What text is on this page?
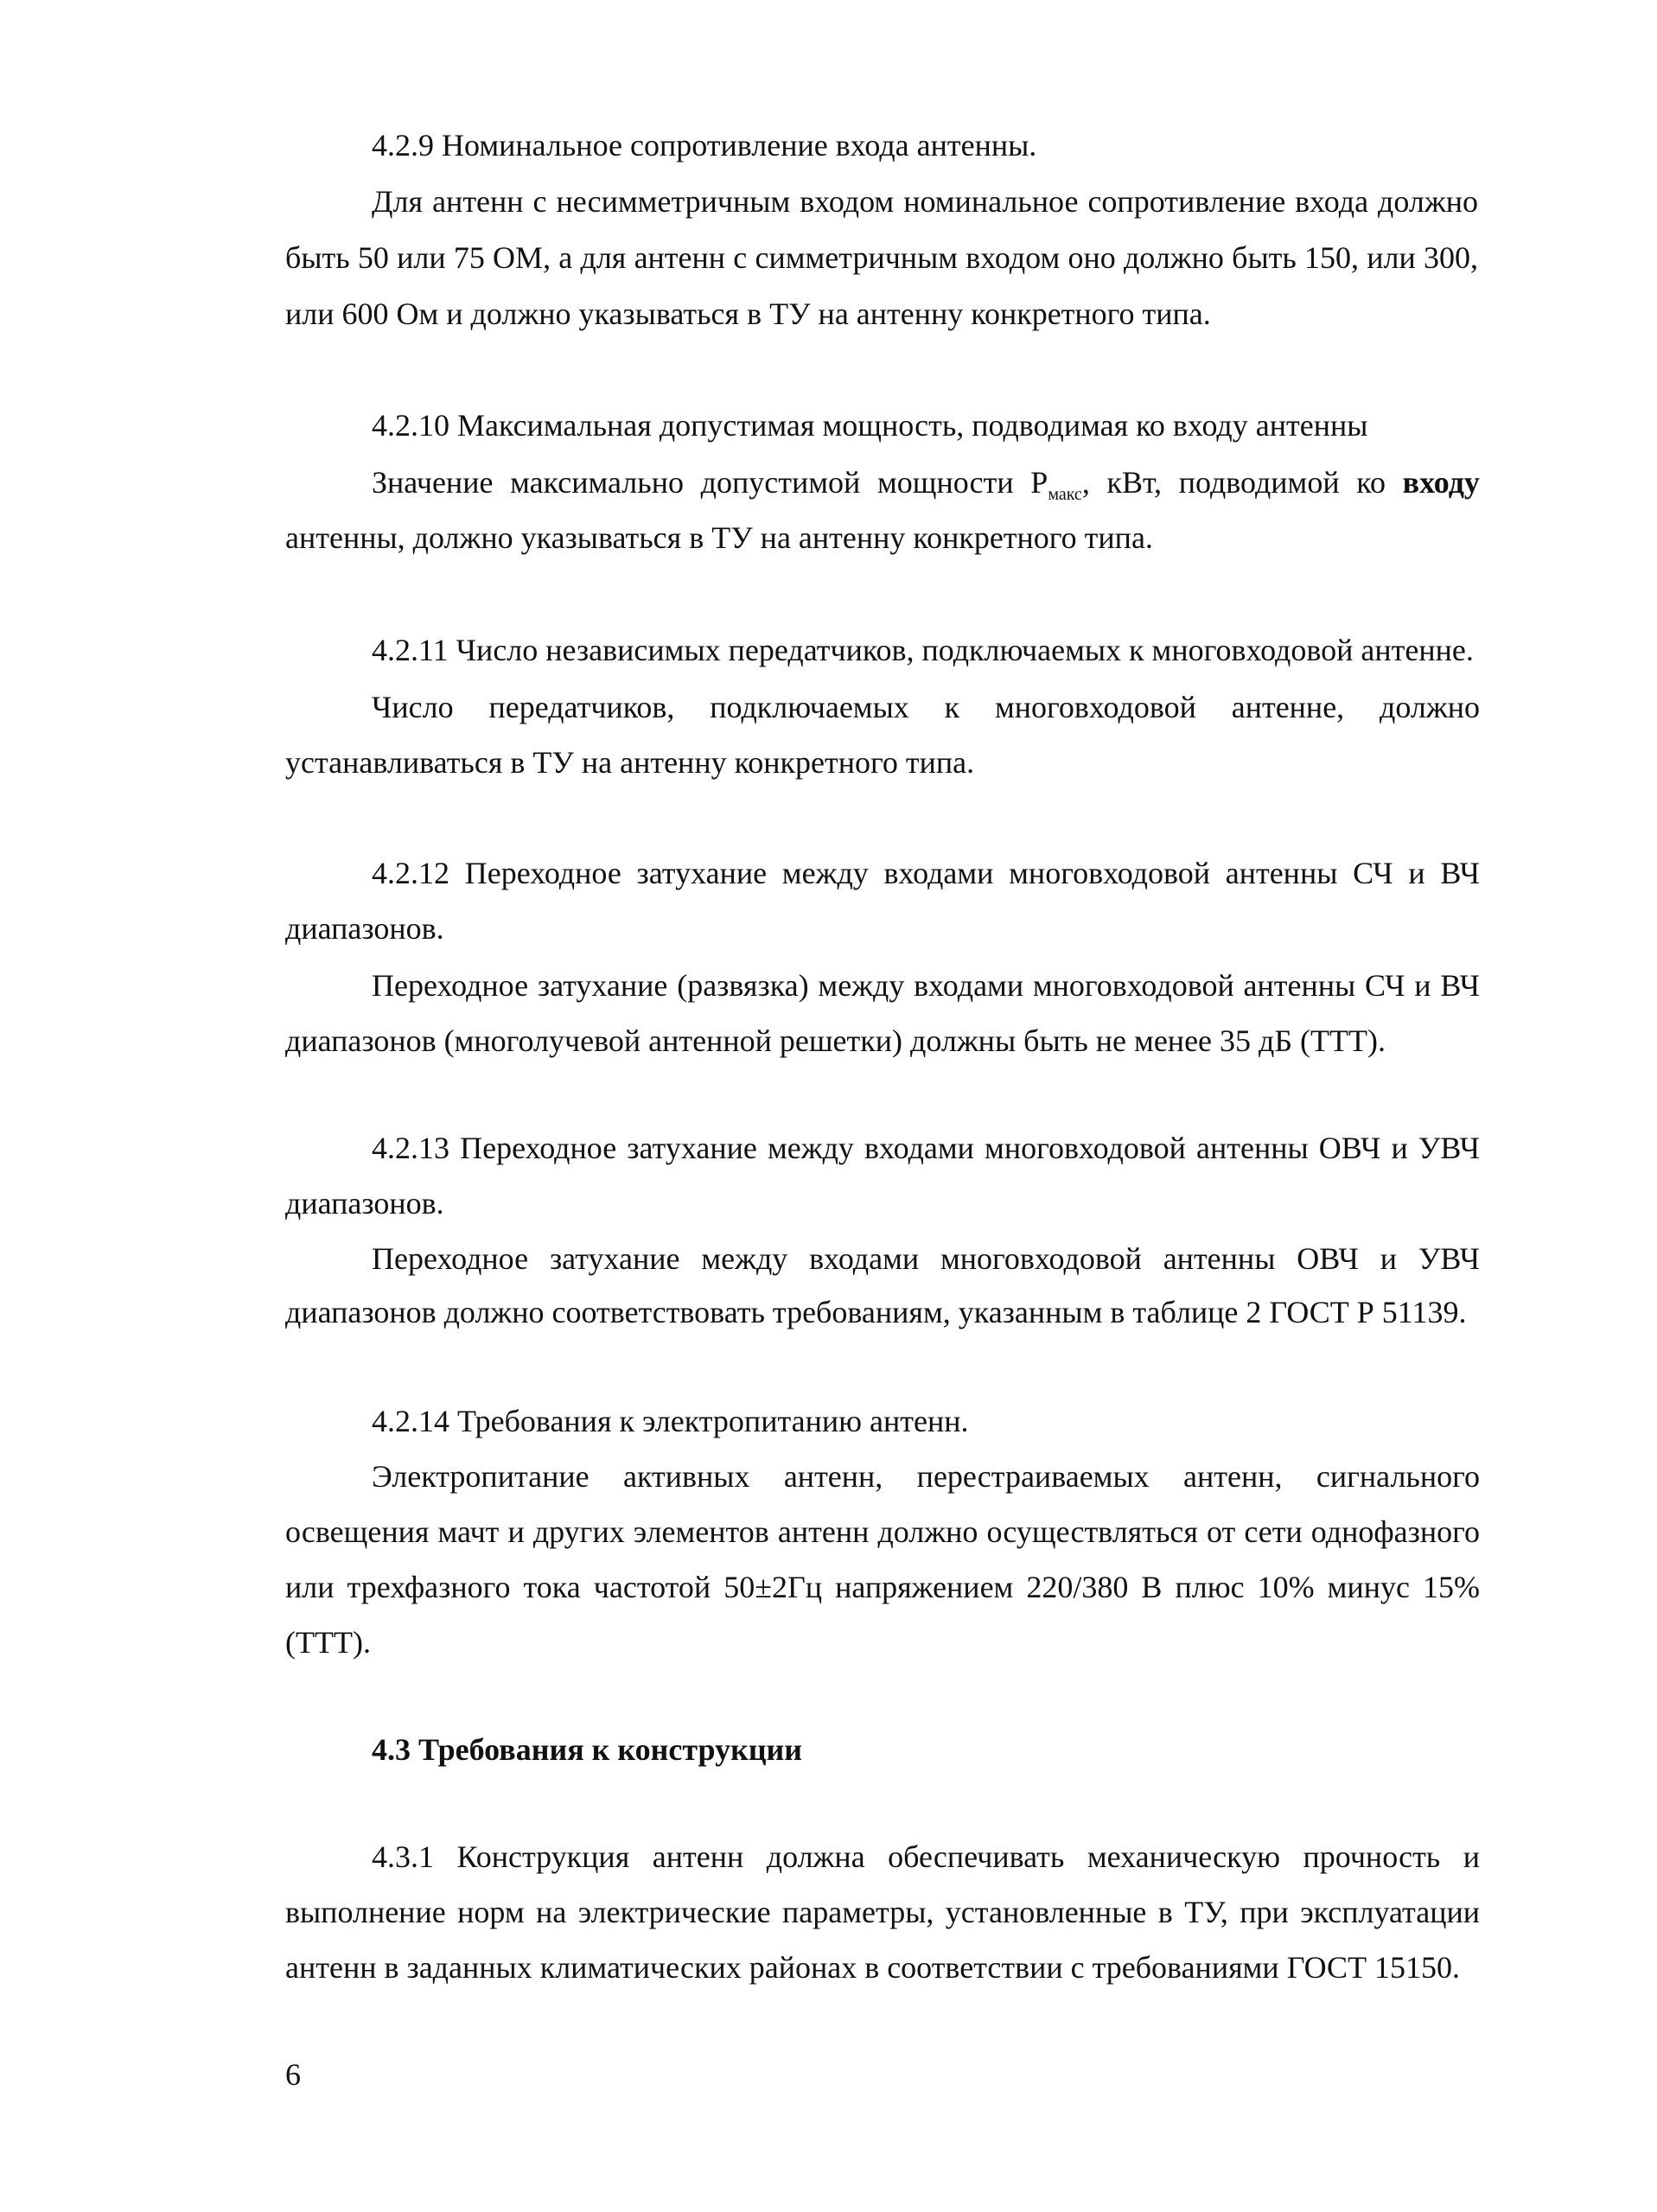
4.2.9 Номинальное сопротивление входа антенны.
Для антенн с несимметричным входом номинальное сопротивление входа должно
быть 50 или 75 ОМ, а для антенн с симметричным входом оно должно быть 150, или 300,
или 600 Ом и должно указываться в ТУ на антенну конкретного типа.
4.2.10 Максимальная допустимая мощность, подводимая ко входу антенны
Значение максимально допустимой мощности $P_{макс}$, кВт, подводимой ко входу
антенны, должно указываться в ТУ на антенну конкретного типа.
4.2.11 Число независимых передатчиков, подключаемых к многовходовой антенне.
Число передатчиков, подключаемых к многовходовой антенне, должно
устанавливаться в ТУ на антенну конкретного типа.
4.2.12 Переходное затухание между входами многовходовой антенны СЧ и ВЧ
диапазонов.
Переходное затухание (развязка) между входами многовходовой антенны СЧ и ВЧ
диапазонов (многолучевой антенной решетки) должны быть не менее 35 дБ (ТТТ).
4.2.13 Переходное затухание между входами многовходовой антенны ОВЧ и УВЧ
диапазонов.
Переходное затухание между входами многовходовой антенны ОВЧ и УВЧ
диапазонов должно соответствовать требованиям, указанным в таблице 2 ГОСТ Р 51139.
4.2.14 Требования к электропитанию антенн.
Электропитание активных антенн, перестраиваемых антенн, сигнального
освещения мачт и других элементов антенн должно осуществляться от сети однофазного
или трехфазного тока частотой 50±2Гц напряжением 220/380 В плюс 10% минус 15%
(ТТТ).
4.3 Требования к конструкции
4.3.1 Конструкция антенн должна обеспечивать механическую прочность и
выполнение норм на электрические параметры, установленные в ТУ, при эксплуатации
антенн в заданных климатических районах в соответствии с требованиями ГОСТ 15150.
6
